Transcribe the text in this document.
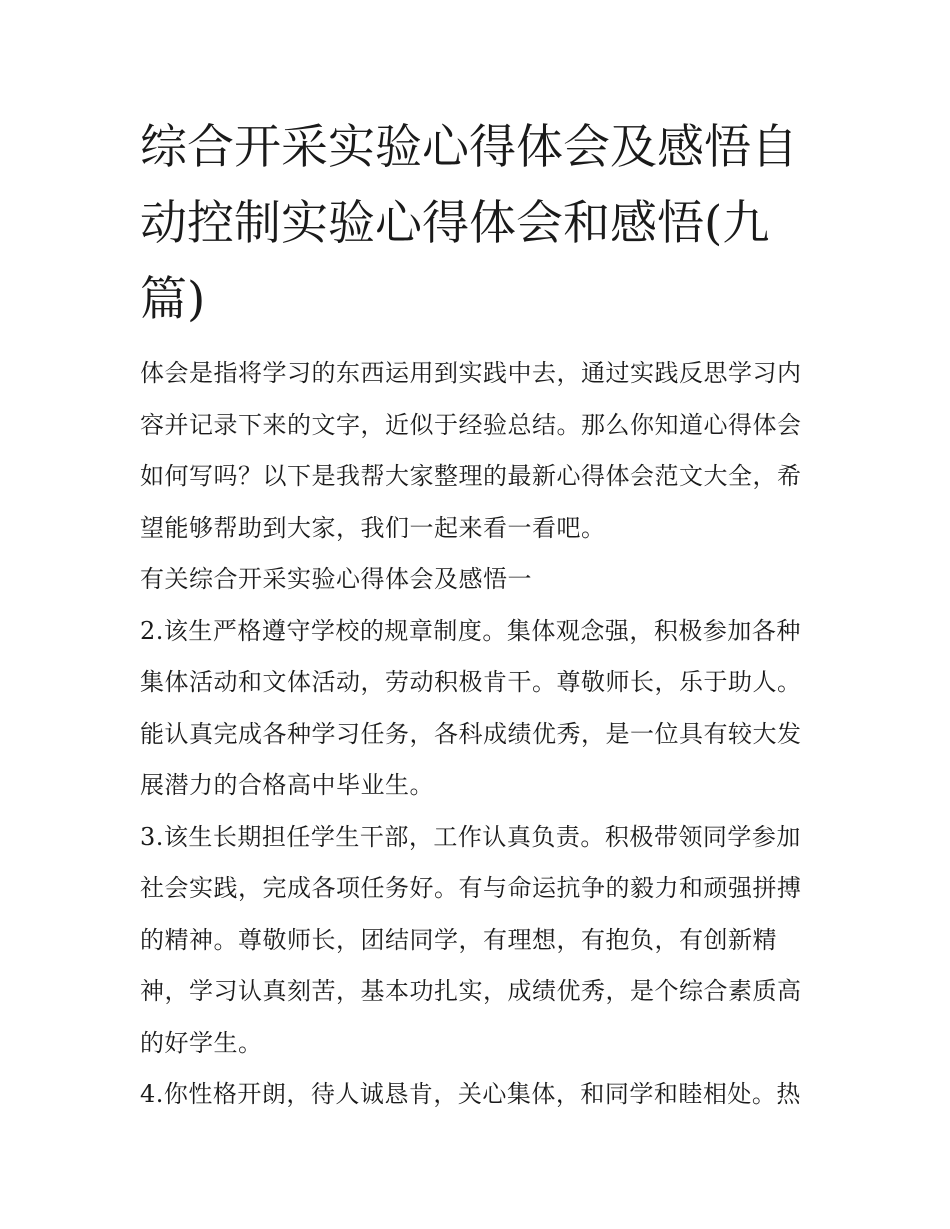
综合开采实验心得体会及感悟自动控制实验心得体会和感悟(九篇)

体会是指将学习的东西运用到实践中去，通过实践反思学习内容并记录下来的文字，近似于经验总结。那么你知道心得体会如何写吗？以下是我帮大家整理的最新心得体会范文大全，希望能够帮助到大家，我们一起来看一看吧。

有关综合开采实验心得体会及感悟一

2.该生严格遵守学校的规章制度。集体观念强，积极参加各种集体活动和文体活动，劳动积极肯干。尊敬师长，乐于助人。能认真完成各种学习任务，各科成绩优秀，是一位具有较大发展潜力的合格高中毕业生。

3.该生长期担任学生干部，工作认真负责。积极带领同学参加社会实践，完成各项任务好。有与命运抗争的毅力和顽强拼搏的精神。尊敬师长，团结同学，有理想，有抱负，有创新精神，学习认真刻苦，基本功扎实，成绩优秀，是个综合素质高的好学生。

4.你性格开朗，待人诚恳肯，关心集体，和同学和睦相处。热
